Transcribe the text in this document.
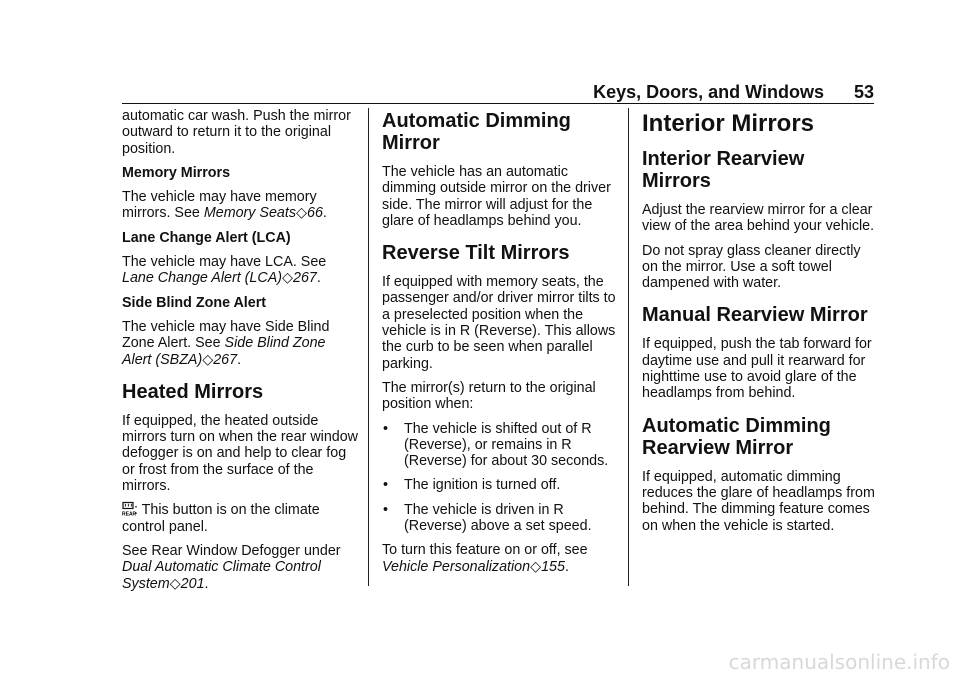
Keys, Doors, and Windows 53

automatic car wash. Push the mirror outward to return it to the original position.

Memory Mirrors

The vehicle may have memory mirrors. See Memory Seats◇66.

Lane Change Alert (LCA)

The vehicle may have LCA. See Lane Change Alert (LCA)◇267.

Side Blind Zone Alert

The vehicle may have Side Blind Zone Alert. See Side Blind Zone Alert (SBZA)◇267.

Heated Mirrors

If equipped, the heated outside mirrors turn on when the rear window defogger is on and help to clear fog or frost from the surface of the mirrors.

REAR
: This button is on the climate control panel.

See Rear Window Defogger under Dual Automatic Climate Control System◇201.

Automatic Dimming Mirror

The vehicle has an automatic dimming outside mirror on the driver side. The mirror will adjust for the glare of headlamps behind you.

Reverse Tilt Mirrors

If equipped with memory seats, the passenger and/or driver mirror tilts to a preselected position when the vehicle is in R (Reverse). This allows the curb to be seen when parallel parking.

The mirror(s) return to the original position when:

•	The vehicle is shifted out of R (Reverse), or remains in R (Reverse) for about 30 seconds.
•	The ignition is turned off.
•	The vehicle is driven in R (Reverse) above a set speed.

To turn this feature on or off, see Vehicle Personalization◇155.

Interior Mirrors
Interior Rearview Mirrors

Adjust the rearview mirror for a clear view of the area behind your vehicle.

Do not spray glass cleaner directly on the mirror. Use a soft towel dampened with water.

Manual Rearview Mirror

If equipped, push the tab forward for daytime use and pull it rearward for nighttime use to avoid glare of the headlamps from behind.

Automatic Dimming Rearview Mirror

If equipped, automatic dimming reduces the glare of headlamps from behind. The dimming feature comes on when the vehicle is started.

carmanualsonline.info
